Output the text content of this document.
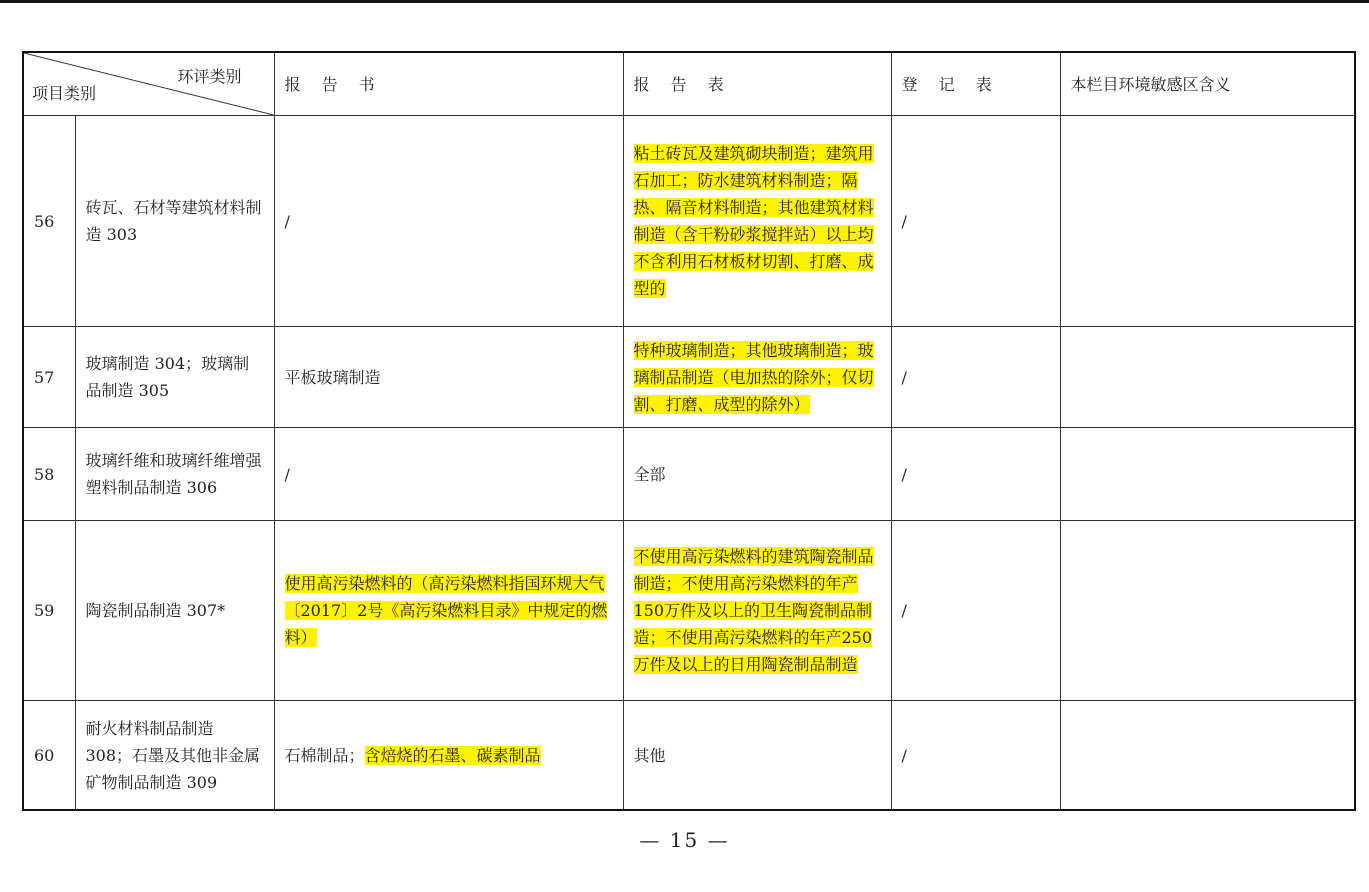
环评类别
项目类别		报 告 书	报 告 表	登 记 表	本栏目环境敏感区含义
56	砖瓦、石材等建筑材料制造 303	/	粘土砖瓦及建筑砌块制造；建筑用石加工；防水建筑材料制造；隔热、隔音材料制造；其他建筑材料制造（含干粉砂浆搅拌站）以上均不含利用石材板材切割、打磨、成型的	/	
57	玻璃制造 304；玻璃制品制造 305	平板玻璃制造	特种玻璃制造；其他玻璃制造；玻璃制品制造（电加热的除外；仅切割、打磨、成型的除外）	/	
58	玻璃纤维和玻璃纤维增强塑料制品制造 306	/	全部	/	
59	陶瓷制品制造 307*	使用高污染燃料的（高污染燃料指国环规大气〔2017〕2号《高污染燃料目录》中规定的燃料）	不使用高污染燃料的建筑陶瓷制品制造；不使用高污染燃料的年产150万件及以上的卫生陶瓷制品制造；不使用高污染燃料的年产250万件及以上的日用陶瓷制品制造	/	
60	耐火材料制品制造 308；石墨及其他非金属矿物制品制造 309	石棉制品；含焙烧的石墨、碳素制品	其他	/	
— 15 —
